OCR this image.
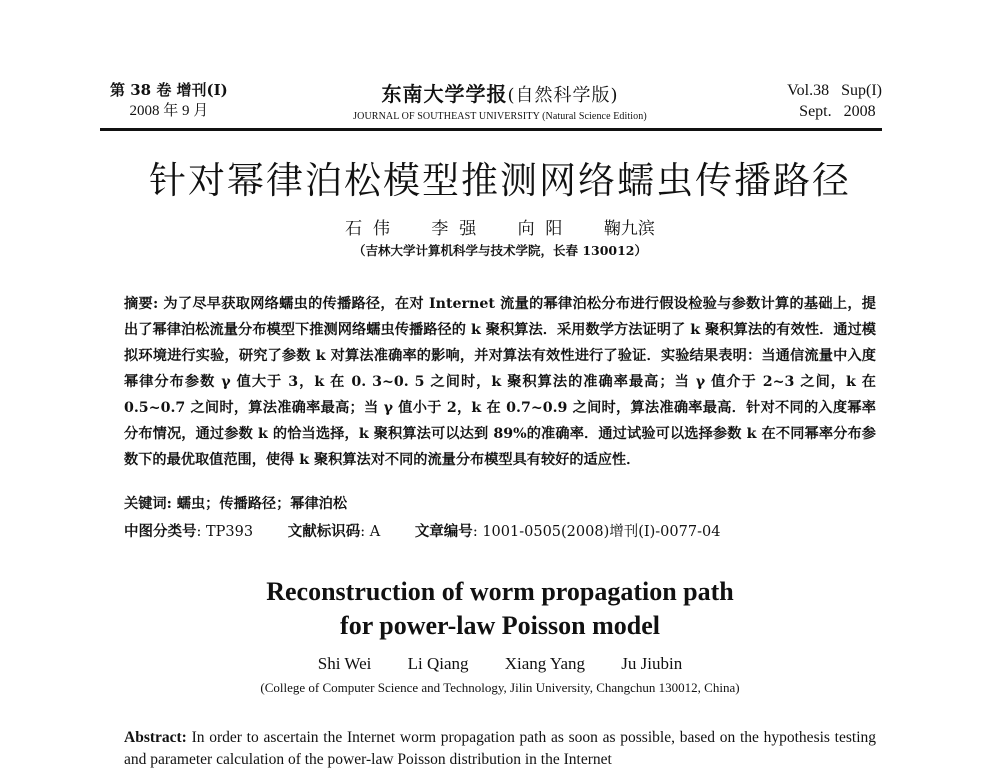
第 38 卷 增刊(I)
2008 年 9 月
东南大学学报(自然科学版)
JOURNAL OF SOUTHEAST UNIVERSITY (Natural Science Edition)
Vol.38   Sup(I)
Sept.   2008
针对幂律泊松模型推测网络蠕虫传播路径
石  伟 李  强 向  阳 鞠九滨
（吉林大学计算机科学与技术学院，长春 130012）
摘要: 为了尽早获取网络蠕虫的传播路径，在对 Internet 流量的幂律泊松分布进行假设检验与参数计算的基础上，提出了幂律泊松流量分布模型下推测网络蠕虫传播路径的 k 聚积算法．采用数学方法证明了 k 聚积算法的有效性．通过模拟环境进行实验，研究了参数 k 对算法准确率的影响，并对算法有效性进行了验证．实验结果表明：当通信流量中入度幂律分布参数 γ 值大于 3，k 在 0. 3~0. 5 之间时，k 聚积算法的准确率最高；当 γ 值介于 2~3 之间，k 在 0.5~0.7 之间时，算法准确率最高；当 γ 值小于 2，k 在 0.7~0.9 之间时，算法准确率最高．针对不同的入度幂率分布情况，通过参数 k 的恰当选择，k 聚积算法可以达到 89%的准确率．通过试验可以选择参数 k 在不同幂率分布参数下的最优取值范围，使得 k 聚积算法对不同的流量分布模型具有较好的适应性．
关键词: 蠕虫；传播路径；幂律泊松
中图分类号: TP393 文献标识码: A 文章编号: 1001-0505(2008)增刊(I)-0077-04
Reconstruction of worm propagation path
for power-law Poisson model
Shi Wei Li Qiang Xiang Yang Ju Jiubin
(College of Computer Science and Technology, Jilin University, Changchun 130012, China)
Abstract: In order to ascertain the Internet worm propagation path as soon as possible, based on the hypothesis testing and parameter calculation of the power-law Poisson distribution in the Internet
